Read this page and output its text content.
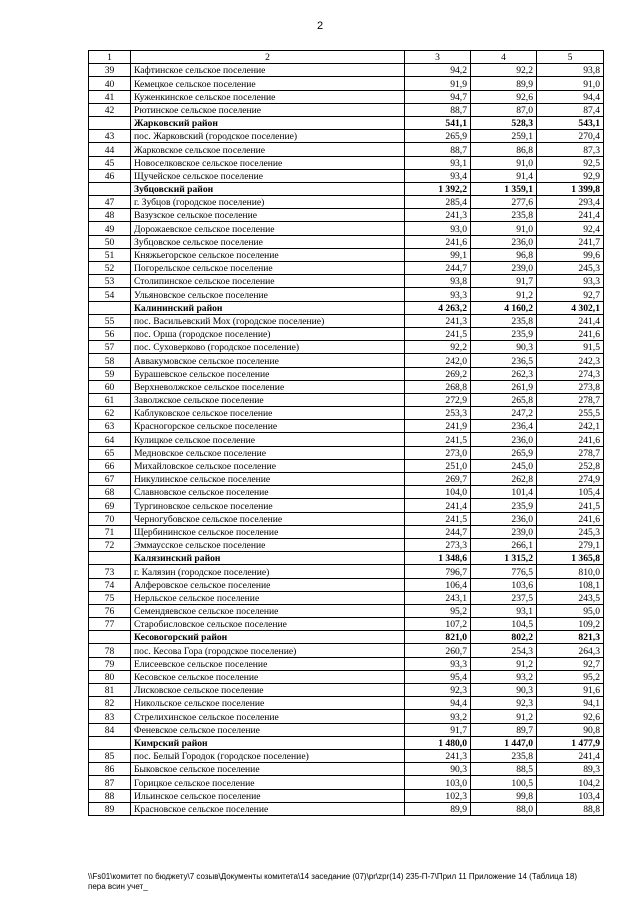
2
1	2	3	4	5
39	Кафтинское сельское поселение	94,2	92,2	93,8
40	Кемецкое сельское поселение	91,9	89,9	91,0
41	Куженкинское сельское поселение	94,7	92,6	94,4
42	Рютинское сельское поселение	88,7	87,0	87,4
	Жарковский район	541,1	528,3	543,1
43	пос. Жарковский (городское поселение)	265,9	259,1	270,4
44	Жарковское сельское поселение	88,7	86,8	87,3
45	Новоселковское сельское поселение	93,1	91,0	92,5
46	Щучейское сельское поселение	93,4	91,4	92,9
	Зубцовский район	1 392,2	1 359,1	1 399,8
47	г. Зубцов (городское поселение)	285,4	277,6	293,4
48	Вазузское сельское поселение	241,3	235,8	241,4
49	Дорожаевское сельское поселение	93,0	91,0	92,4
50	Зубцовское сельское поселение	241,6	236,0	241,7
51	Княжьегорское сельское поселение	99,1	96,8	99,6
52	Погорельское сельское поселение	244,7	239,0	245,3
53	Столипинское сельское поселение	93,8	91,7	93,3
54	Ульяновское сельское поселение	93,3	91,2	92,7
	Калининский район	4 263,2	4 160,2	4 302,1
55	пос. Васильевский Мох (городское поселение)	241,3	235,8	241,4
56	пос. Орша (городское поселение)	241,5	235,9	241,6
57	пос. Суховерково (городское поселение)	92,2	90,3	91,5
58	Аввакумовское сельское поселение	242,0	236,5	242,3
59	Бурашевское сельское поселение	269,2	262,3	274,3
60	Верхневолжское сельское поселение	268,8	261,9	273,8
61	Заволжское сельское поселение	272,9	265,8	278,7
62	Каблуковское сельское поселение	253,3	247,2	255,5
63	Красногорское сельское поселение	241,9	236,4	242,1
64	Кулицкое сельское поселение	241,5	236,0	241,6
65	Медновское сельское поселение	273,0	265,9	278,7
66	Михайловское сельское поселение	251,0	245,0	252,8
67	Никулинское сельское поселение	269,7	262,8	274,9
68	Славновское сельское поселение	104,0	101,4	105,4
69	Тургиновское сельское поселение	241,4	235,9	241,5
70	Черногубовское сельское поселение	241,5	236,0	241,6
71	Щербининское сельское поселение	244,7	239,0	245,3
72	Эммаусское сельское поселение	273,3	266,1	279,1
	Калязинский район	1 348,6	1 315,2	1 365,8
73	г. Калязин (городское поселение)	796,7	776,5	810,0
74	Алферовское сельское поселение	106,4	103,6	108,1
75	Нерльское сельское поселение	243,1	237,5	243,5
76	Семендяевское сельское поселение	95,2	93,1	95,0
77	Старобисловское сельское поселение	107,2	104,5	109,2
	Кесовогорский район	821,0	802,2	821,3
78	пос. Кесова Гора (городское поселение)	260,7	254,3	264,3
79	Елисеевское сельское поселение	93,3	91,2	92,7
80	Кесовское сельское поселение	95,4	93,2	95,2
81	Лисковское сельское поселение	92,3	90,3	91,6
82	Никольское сельское поселение	94,4	92,3	94,1
83	Стрелихинское сельское поселение	93,2	91,2	92,6
84	Феневское сельское поселение	91,7	89,7	90,8
	Кимрский район	1 480,0	1 447,0	1 477,9
85	пос. Белый Городок (городское поселение)	241,3	235,8	241,4
86	Быковское сельское поселение	90,3	88,5	89,3
87	Горицкое сельское поселение	103,0	100,5	104,2
88	Ильинское сельское поселение	102,3	99,8	103,4
89	Красновское сельское поселение	89,9	88,0	88,8
\\Fs01\комитет по бюджету\7 созыв\Документы комитета\14 заседание (07)\pr\zpr(14) 235-П-7\Прил 11 Приложение 14 (Таблица 18)
пера всин учет_
